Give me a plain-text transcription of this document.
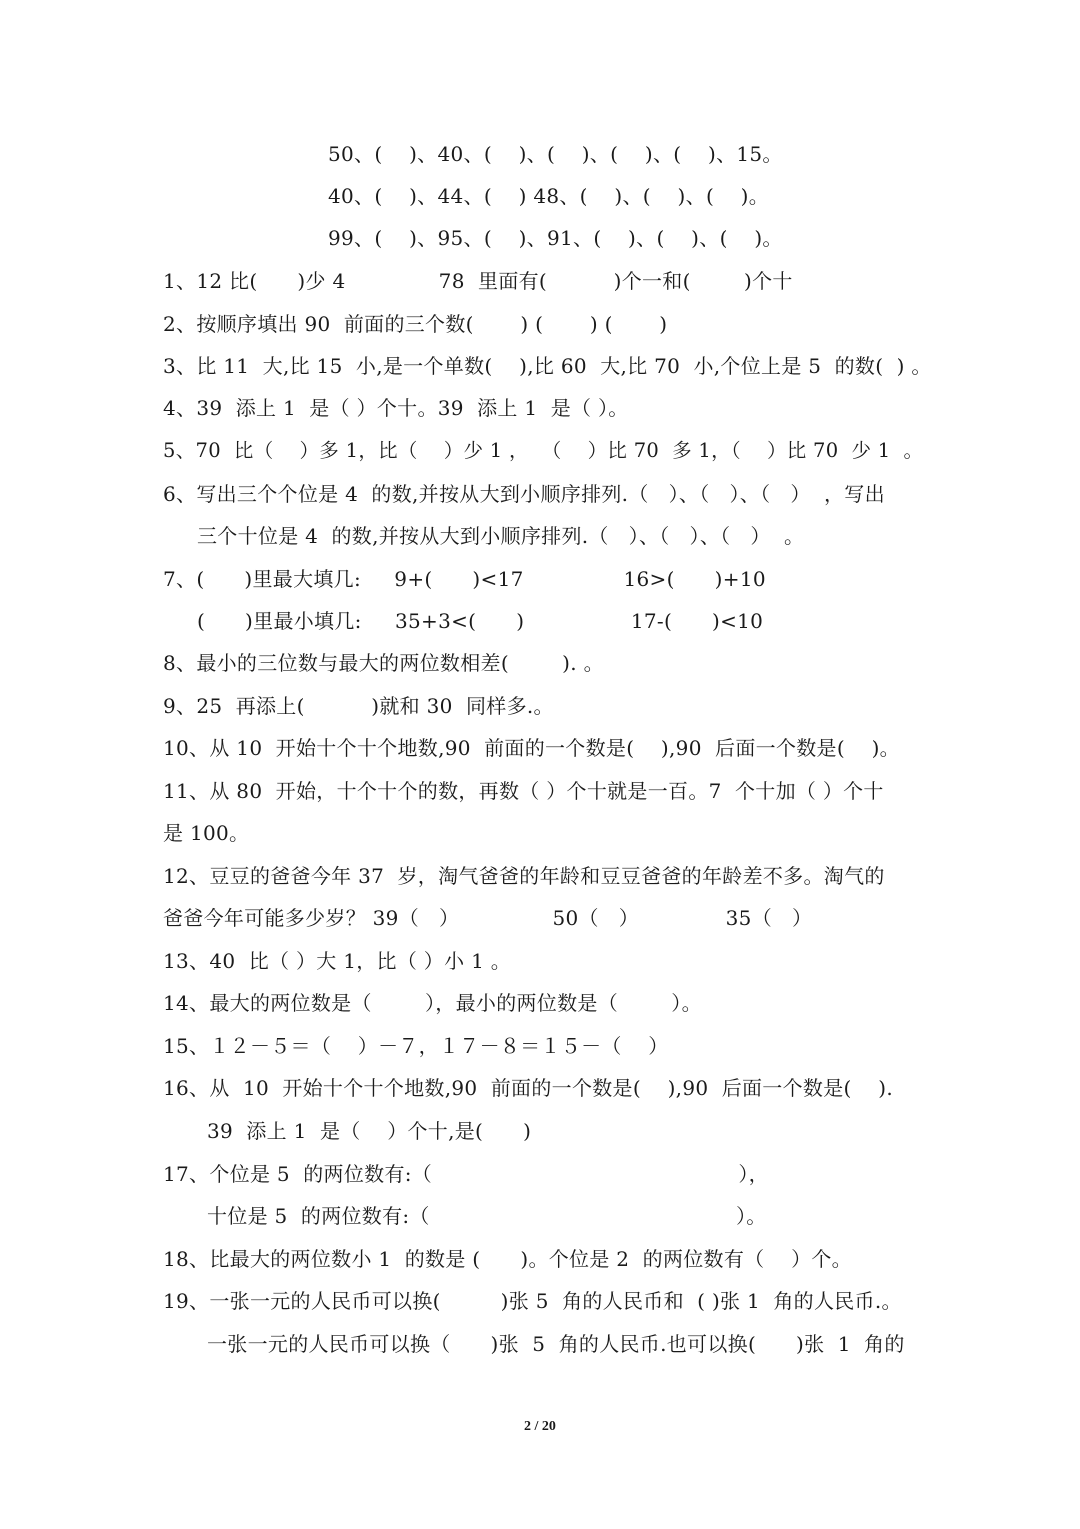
50、(    )、40、(    )、(    )、(    )、(    )、15。
40、(    )、44、(    ) 48、(    )、(    )、(    )。
99、(    )、95、(    )、91、(    )、(    )、(    )。
1、12 比(      )少 4              78  里面有(          )个一和(        )个十
2、按顺序填出 90  前面的三个数(       ) (       ) (       )
3、比 11  大,比 15  小,是一个单数(    ),比 60  大,比 70  小,个位上是 5  的数(  ) 。
4、39  添上 1  是（ ）个十。39  添上 1  是（ ）。
5、70  比（    ）多 1，比（    ）少 1 ，  （    ）比 70  多 1，（    ）比 70  少 1  。
6、写出三个个位是 4  的数,并按从大到小顺序排列.（   ）、（   ）、（   ）  ，写出
三个十位是 4  的数,并按从大到小顺序排列.（   ）、（   ）、（   ）  。
7、(      )里最大填几:     9+(      )<17               16>(      )+10
(      )里最小填几:     35+3<(      )                17-(      )<10
8、最小的三位数与最大的两位数相差(        ). 。
9、25  再添上(          )就和 30  同样多.。
10、从 10  开始十个十个地数,90  前面的一个数是(    ),90  后面一个数是(    )。
11、从 80  开始，十个十个的数，再数（ ）个十就是一百。7  个十加（ ）个十
是 100。
12、豆豆的爸爸今年 37  岁，淘气爸爸的年龄和豆豆爸爸的年龄差不多。淘气的
爸爸今年可能多少岁？ 39（   ）              50（   ）             35（   ）
13、40  比（ ）大 1，比（ ）小 1 。
14、最大的两位数是（        ），最小的两位数是（        ）。
15、１２－５＝（    ）－７，１７－８＝１５－（    ）
16、从  10  开始十个十个地数,90  前面的一个数是(    ),90  后面一个数是(    ).
39  添上 1  是（    ）个十,是(      )
17、个位是 5  的两位数有:（                                              ），
十位是 5  的两位数有:（                                              ）。
18、比最大的两位数小 1  的数是 (      )。个位是 2  的两位数有（    ）个。
19、一张一元的人民币可以换(         )张 5  角的人民币和  ( )张 1  角的人民币.。
一张一元的人民币可以换（      )张  5  角的人民币.也可以换(      )张  1  角的
2 / 20
